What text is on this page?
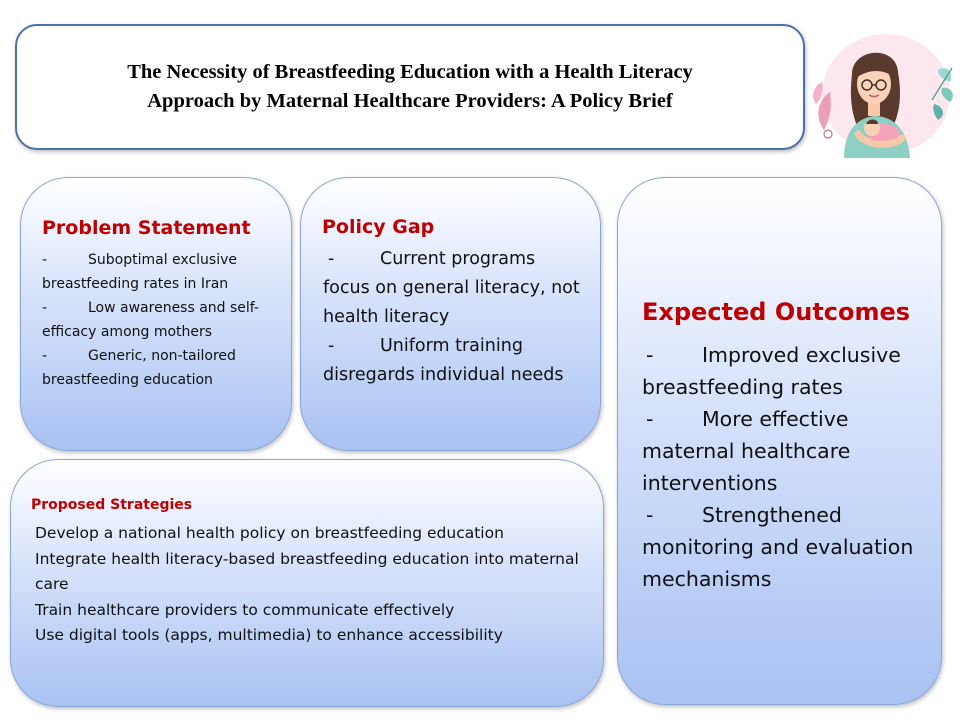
The Necessity of Breastfeeding Education with a Health Literacy
Approach by Maternal Healthcare Providers: A Policy Brief
Problem Statement
-	Suboptimal exclusive breastfeeding rates in Iran
-	Low awareness and self-efficacy among mothers
-	Generic, non-tailored breastfeeding education
Policy Gap
-	Current programs focus on general literacy, not health literacy
-	Uniform training disregards individual needs
Proposed Strategies
Develop a national health policy on breastfeeding education
Integrate health literacy-based breastfeeding education into maternal care
Train healthcare providers to communicate effectively
Use digital tools (apps, multimedia) to enhance accessibility
Expected Outcomes
- Improved exclusive breastfeeding rates
- More effective maternal healthcare interventions
- Strengthened monitoring and evaluation mechanisms
